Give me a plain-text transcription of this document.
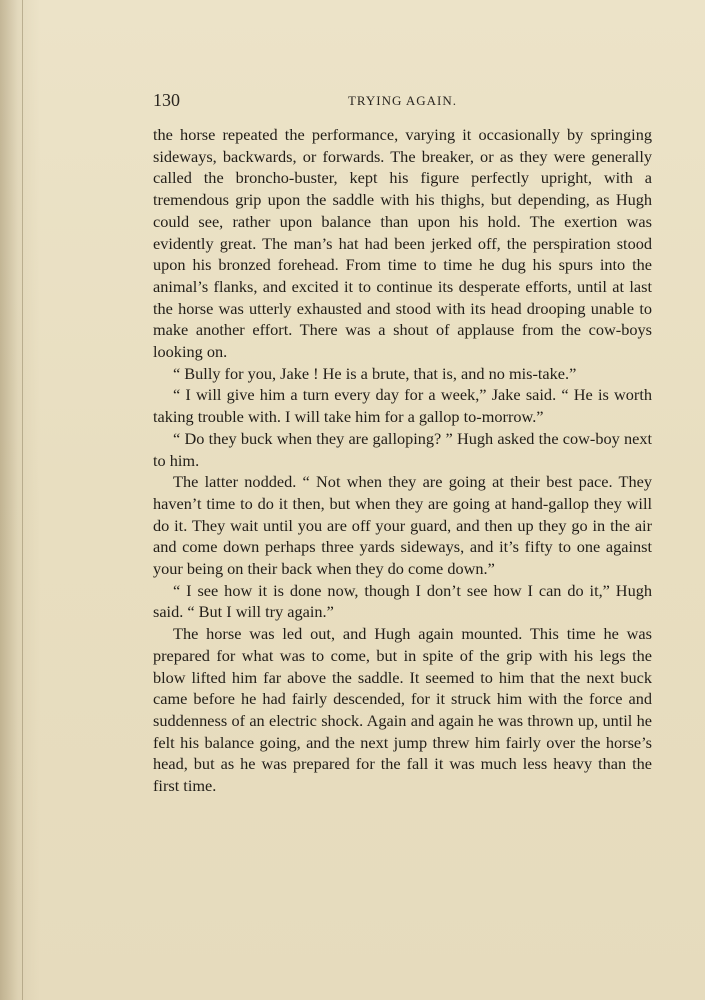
130	TRYING AGAIN.

the horse repeated the performance, varying it occasionally by springing sideways, backwards, or forwards. The breaker, or as they were generally called the broncho-buster, kept his figure perfectly upright, with a tremendous grip upon the saddle with his thighs, but depending, as Hugh could see, rather upon balance than upon his hold. The exertion was evidently great. The man’s hat had been jerked off, the perspiration stood upon his bronzed forehead. From time to time he dug his spurs into the animal’s flanks, and excited it to continue its desperate efforts, until at last the horse was utterly exhausted and stood with its head drooping unable to make another effort. There was a shout of applause from the cow-boys looking on.

“ Bully for you, Jake ! He is a brute, that is, and no mis-take.”

“ I will give him a turn every day for a week,” Jake said. “ He is worth taking trouble with. I will take him for a gallop to-morrow.”

“ Do they buck when they are galloping? ” Hugh asked the cow-boy next to him.

The latter nodded. “ Not when they are going at their best pace. They haven’t time to do it then, but when they are going at hand-gallop they will do it. They wait until you are off your guard, and then up they go in the air and come down perhaps three yards sideways, and it’s fifty to one against your being on their back when they do come down.”

“ I see how it is done now, though I don’t see how I can do it,” Hugh said. “ But I will try again.”

The horse was led out, and Hugh again mounted. This time he was prepared for what was to come, but in spite of the grip with his legs the blow lifted him far above the saddle. It seemed to him that the next buck came before he had fairly descended, for it struck him with the force and suddenness of an electric shock. Again and again he was thrown up, until he felt his balance going, and the next jump threw him fairly over the horse’s head, but as he was prepared for the fall it was much less heavy than the first time.
